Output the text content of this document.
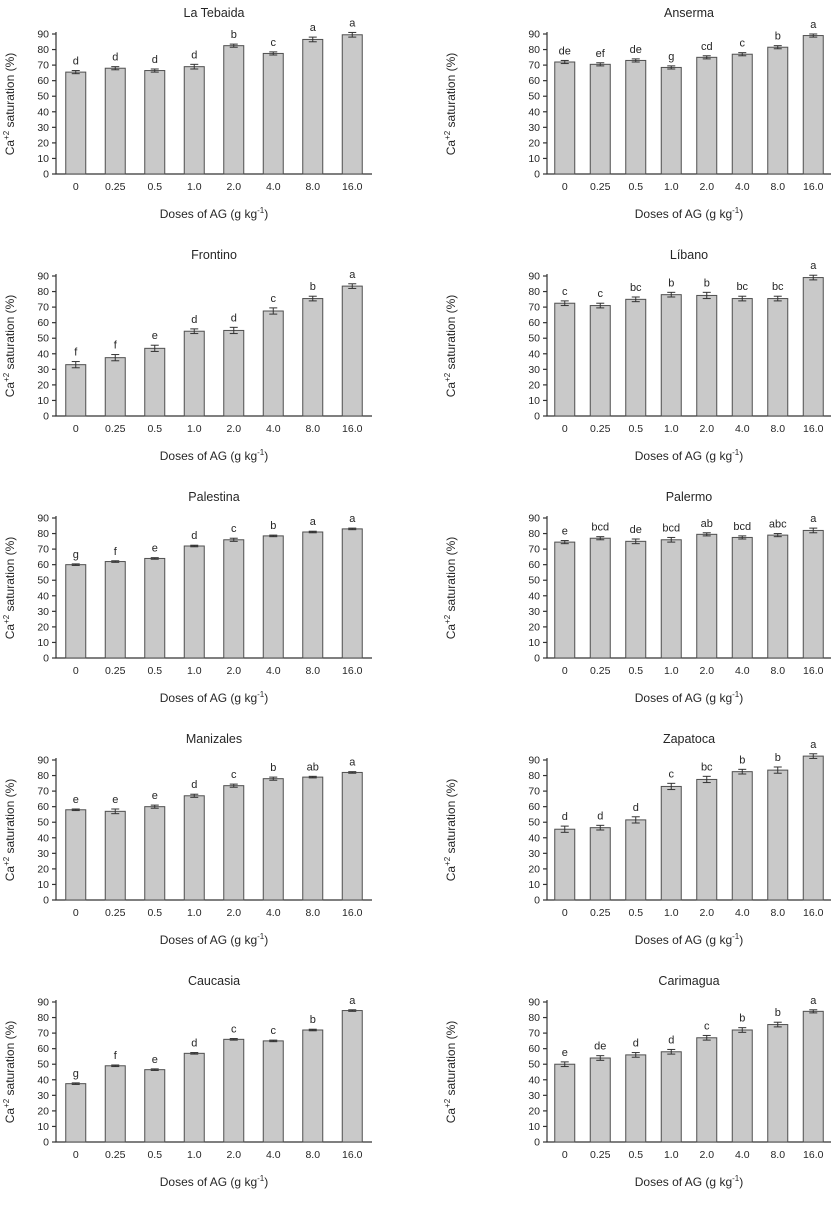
La Tebaida
0
10
20
30
40
50
60
70
80
90
d
0
d
0.25
d
0.5
d
1.0
b
2.0
c
4.0
a
8.0
a
16.0
Doses of AG (g $kg^{-1}$)
$Ca^{+2}$ saturation (%)
Anserma
0
10
20
30
40
50
60
70
80
90
de
0
ef
0.25
de
0.5
g
1.0
cd
2.0
c
4.0
b
8.0
a
16.0
Doses of AG (g $kg^{-1}$)
$Ca^{+2}$ saturation (%)
Frontino
0
10
20
30
40
50
60
70
80
90
f
0
f
0.25
e
0.5
d
1.0
d
2.0
c
4.0
b
8.0
a
16.0
Doses of AG (g $kg^{-1}$)
$Ca^{+2}$ saturation (%)
Líbano
0
10
20
30
40
50
60
70
80
90
c
0
c
0.25
bc
0.5
b
1.0
b
2.0
bc
4.0
bc
8.0
a
16.0
Doses of AG (g $kg^{-1}$)
$Ca^{+2}$ saturation (%)
Palestina
0
10
20
30
40
50
60
70
80
90
g
0
f
0.25
e
0.5
d
1.0
c
2.0
b
4.0
a
8.0
a
16.0
Doses of AG (g $kg^{-1}$)
$Ca^{+2}$ saturation (%)
Palermo
0
10
20
30
40
50
60
70
80
90
e
0
bcd
0.25
de
0.5
bcd
1.0
ab
2.0
bcd
4.0
abc
8.0
a
16.0
Doses of AG (g $kg^{-1}$)
$Ca^{+2}$ saturation (%)
Manizales
0
10
20
30
40
50
60
70
80
90
e
0
e
0.25
e
0.5
d
1.0
c
2.0
b
4.0
ab
8.0
a
16.0
Doses of AG (g $kg^{-1}$)
$Ca^{+2}$ saturation (%)
Zapatoca
0
10
20
30
40
50
60
70
80
90
d
0
d
0.25
d
0.5
c
1.0
bc
2.0
b
4.0
b
8.0
a
16.0
Doses of AG (g $kg^{-1}$)
$Ca^{+2}$ saturation (%)
Caucasia
0
10
20
30
40
50
60
70
80
90
g
0
f
0.25
e
0.5
d
1.0
c
2.0
c
4.0
b
8.0
a
16.0
Doses of AG (g $kg^{-1}$)
$Ca^{+2}$ saturation (%)
Carimagua
0
10
20
30
40
50
60
70
80
90
e
0
de
0.25
d
0.5
d
1.0
c
2.0
b
4.0
b
8.0
a
16.0
Doses of AG (g $kg^{-1}$)
$Ca^{+2}$ saturation (%)
